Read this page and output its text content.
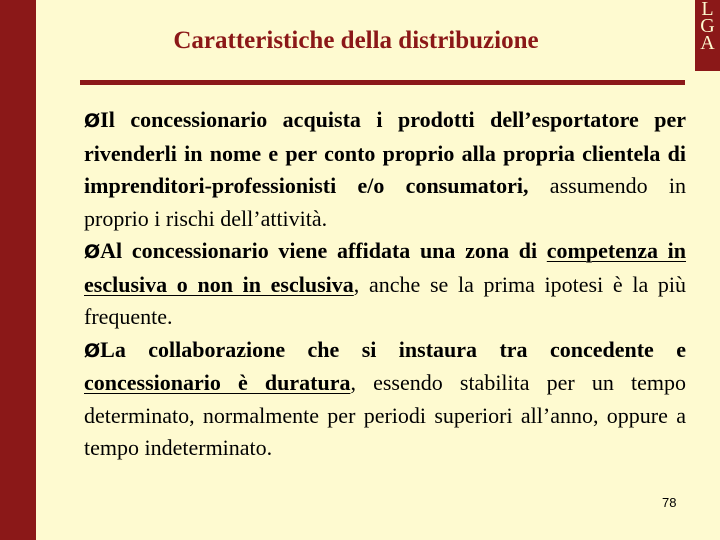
L
G
A
Caratteristiche della distribuzione

ØIl concessionario acquista i prodotti dell’esportatore per rivenderli in nome e per conto proprio alla propria clientela di imprenditori-professionisti e/o consumatori, assumendo in proprio i rischi dell’attività.

ØAl concessionario viene affidata una zona di competenza in esclusiva o non in esclusiva, anche se la prima ipotesi è la più frequente.

ØLa collaborazione che si instaura tra concedente e concessionario è duratura, essendo stabilita per un tempo determinato, normalmente per periodi superiori all’anno, oppure a tempo indeterminato.

78
